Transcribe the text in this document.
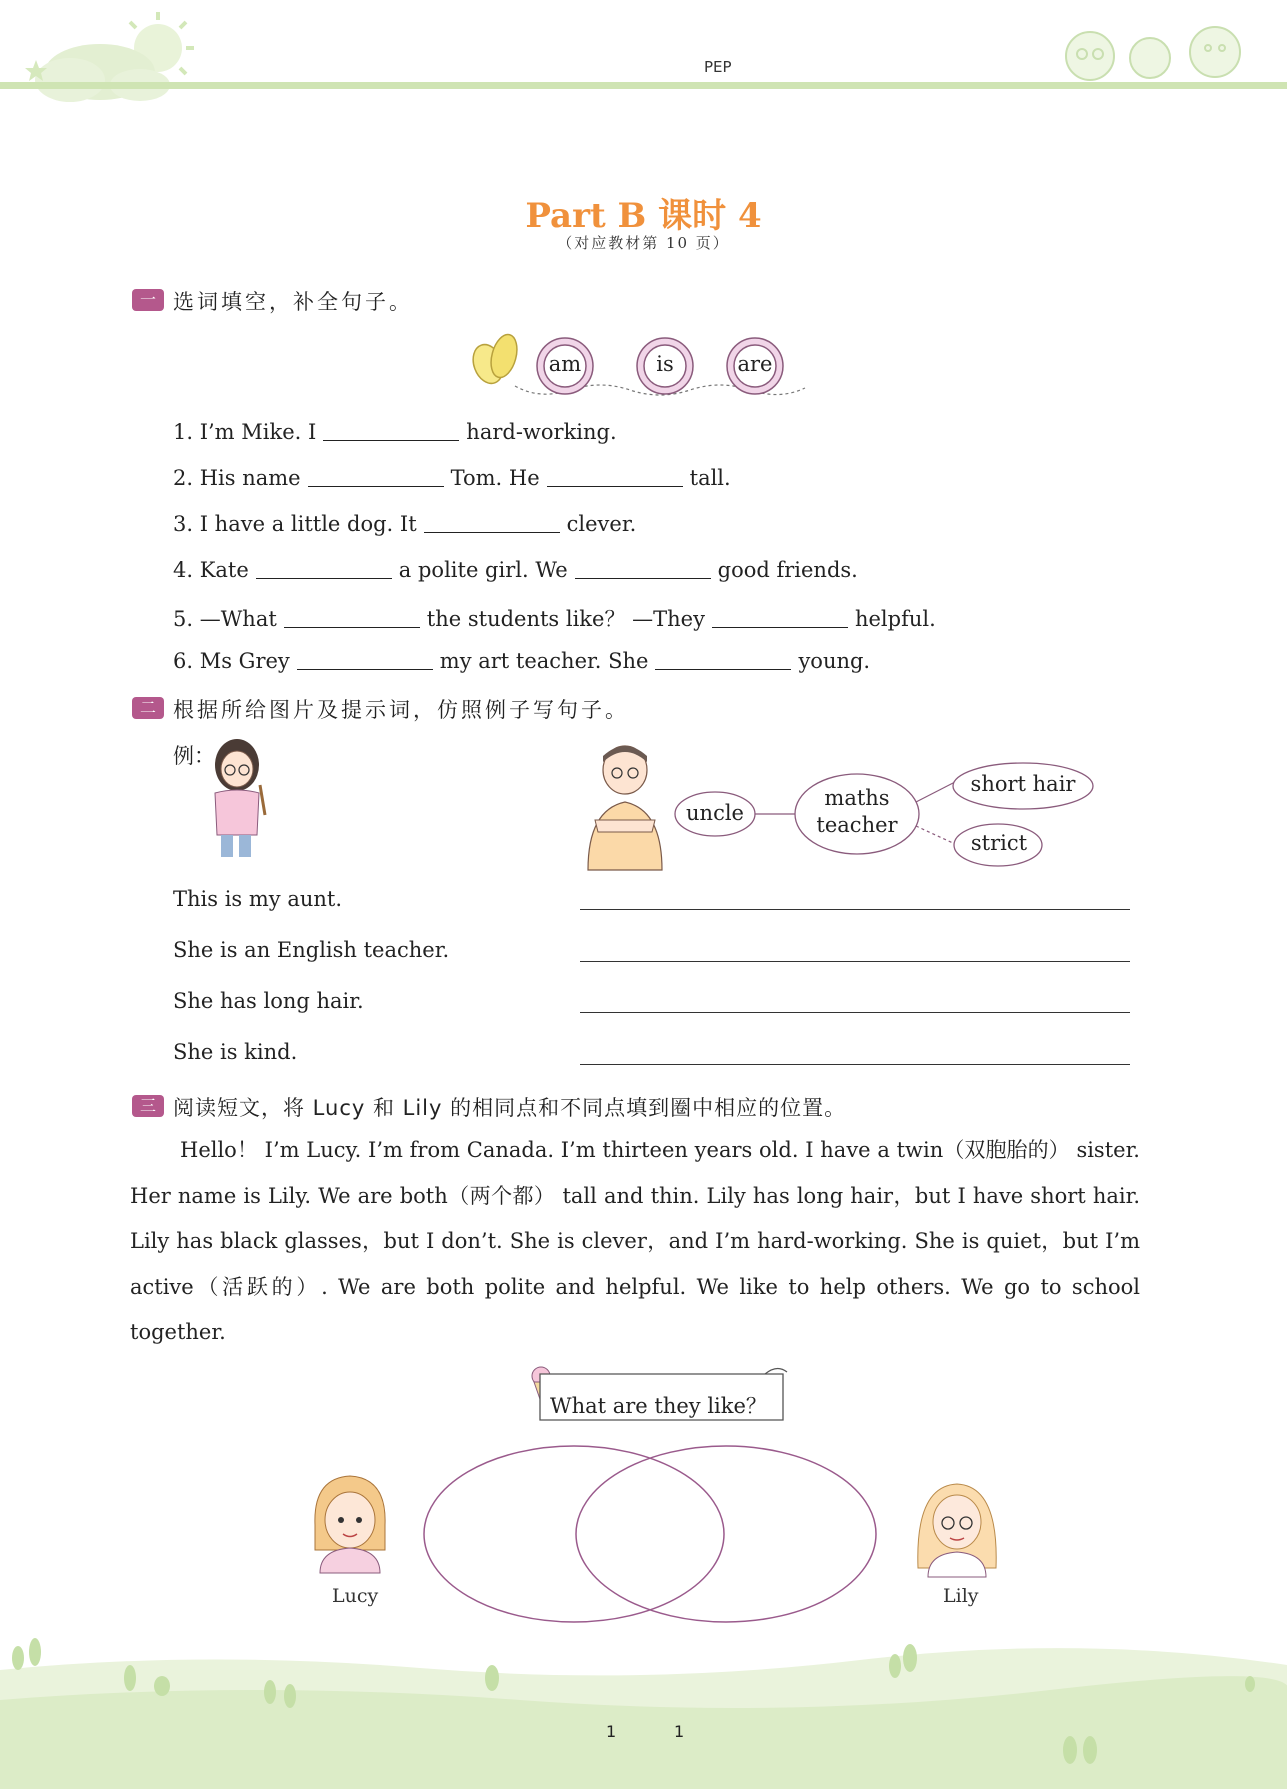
PEP
Part B 课时 4
（对应教材第 10 页）
一 选词填空，补全句子。
am	is	are
1. I’m Mike. I	hard-working.
2. His name	Tom. He	tall.
3. I have a little dog. It	clever.
4. Kate	a polite girl. We	good friends.
5. —What	the students like？ —They	helpful.
6. Ms Grey	my art teacher. She	young.
二 根据所给图片及提示词，仿照例子写句子。
例：
uncle
maths
teacher
short hair
strict
This is my aunt.
She is an English teacher.
She has long hair.
She is kind.
三 阅读短文，将 Lucy 和 Lily 的相同点和不同点填到圈中相应的位置。
Hello！ I’m Lucy. I’m from Canada. I’m thirteen years old. I have a twin（双胞胎的） sister. Her name is Lily. We are both（两个都） tall and thin. Lily has long hair，but I have short hair. Lily has black glasses，but I don’t. She is clever，and I’m hard-working. She is quiet，but I’m active（活跃的）. We are both polite and helpful. We like to help others. We go to school together.
What are they like？
Lucy	Lily
1	1
